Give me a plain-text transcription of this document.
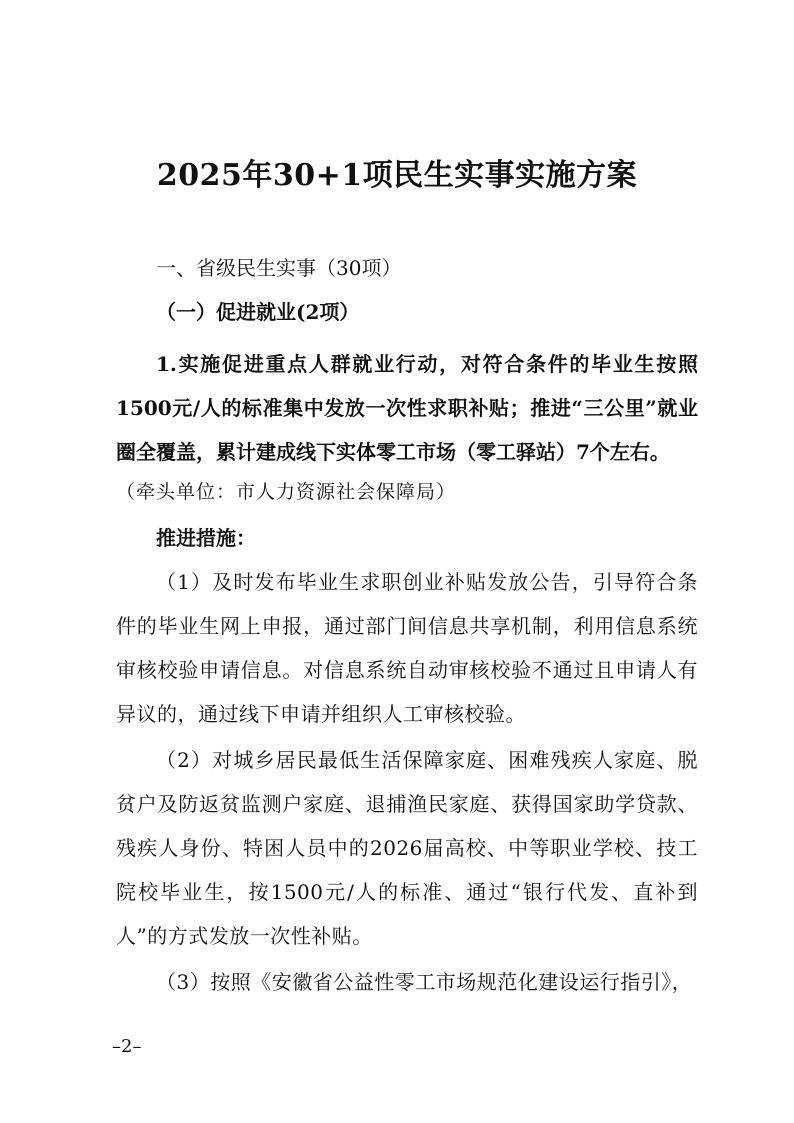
2025年30+1项民生实事实施方案

一、省级民生实事（30项）

（一）促进就业(2项）

1.实施促进重点人群就业行动，对符合条件的毕业生按照1500元/人的标准集中发放一次性求职补贴；推进“三公里”就业圈全覆盖，累计建成线下实体零工市场（零工驿站）7个左右。

（牵头单位：市人力资源社会保障局）

推进措施：

（1）及时发布毕业生求职创业补贴发放公告，引导符合条件的毕业生网上申报，通过部门间信息共享机制，利用信息系统审核校验申请信息。对信息系统自动审核校验不通过且申请人有异议的，通过线下申请并组织人工审核校验。

（2）对城乡居民最低生活保障家庭、困难残疾人家庭、脱贫户及防返贫监测户家庭、退捕渔民家庭、获得国家助学贷款、残疾人身份、特困人员中的2026届高校、中等职业学校、技工院校毕业生，按1500元/人的标准、通过“银行代发、直补到人”的方式发放一次性补贴。

（3）按照《安徽省公益性零工市场规范化建设运行指引》，

–2–
